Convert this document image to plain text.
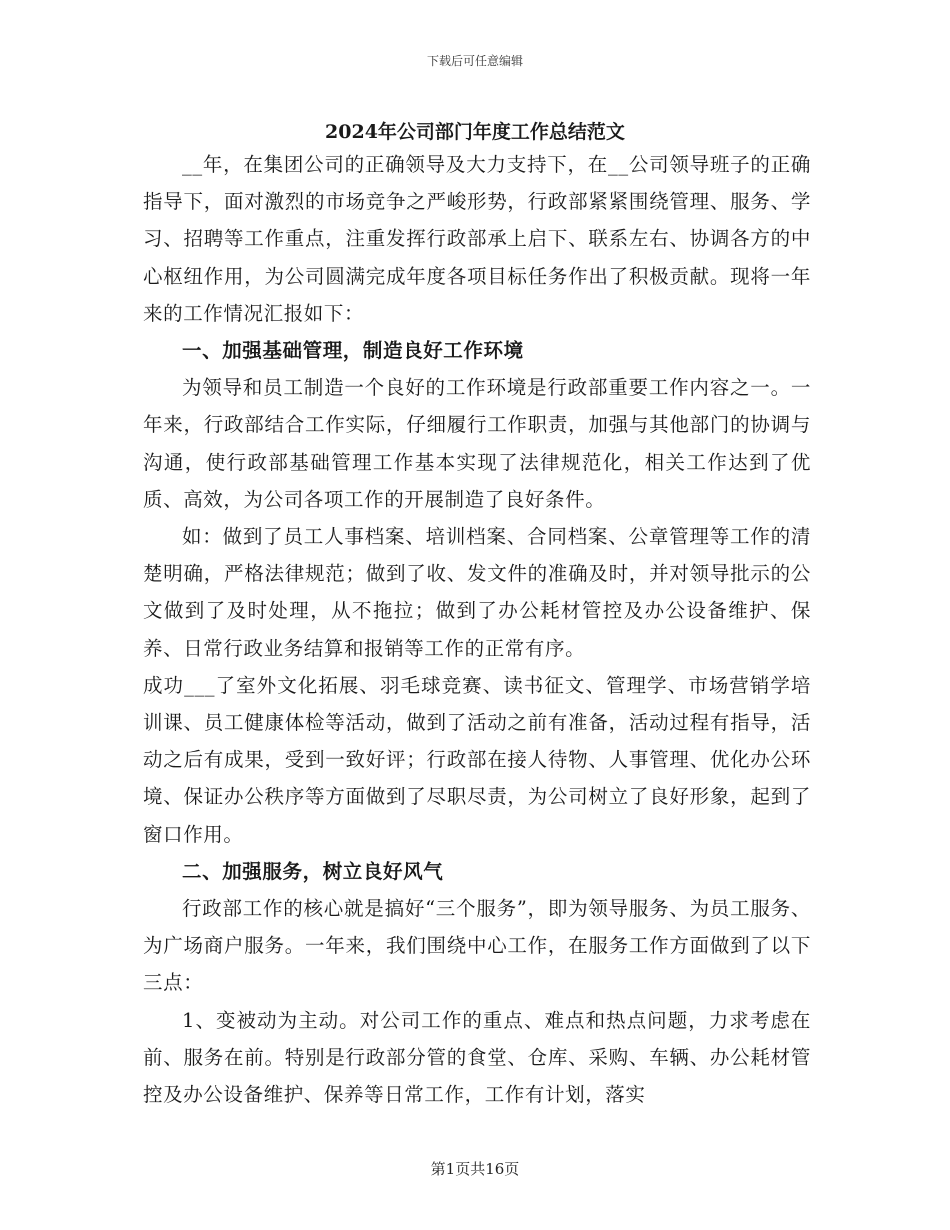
下载后可任意编辑
2024年公司部门年度工作总结范文

__年，在集团公司的正确领导及大力支持下，在__公司领导班子的正确指导下，面对激烈的市场竞争之严峻形势，行政部紧紧围绕管理、服务、学习、招聘等工作重点，注重发挥行政部承上启下、联系左右、协调各方的中心枢纽作用，为公司圆满完成年度各项目标任务作出了积极贡献。现将一年来的工作情况汇报如下：

一、加强基础管理，制造良好工作环境

为领导和员工制造一个良好的工作环境是行政部重要工作内容之一。一年来，行政部结合工作实际，仔细履行工作职责，加强与其他部门的协调与沟通，使行政部基础管理工作基本实现了法律规范化，相关工作达到了优质、高效，为公司各项工作的开展制造了良好条件。

如：做到了员工人事档案、培训档案、合同档案、公章管理等工作的清楚明确，严格法律规范；做到了收、发文件的准确及时，并对领导批示的公文做到了及时处理，从不拖拉；做到了办公耗材管控及办公设备维护、保养、日常行政业务结算和报销等工作的正常有序。

成功___了室外文化拓展、羽毛球竞赛、读书征文、管理学、市场营销学培训课、员工健康体检等活动，做到了活动之前有准备，活动过程有指导，活动之后有成果，受到一致好评；行政部在接人待物、人事管理、优化办公环境、保证办公秩序等方面做到了尽职尽责，为公司树立了良好形象，起到了窗口作用。

二、加强服务，树立良好风气

行政部工作的核心就是搞好“三个服务”，即为领导服务、为员工服务、为广场商户服务。一年来，我们围绕中心工作，在服务工作方面做到了以下三点：

1、变被动为主动。对公司工作的重点、难点和热点问题，力求考虑在前、服务在前。特别是行政部分管的食堂、仓库、采购、车辆、办公耗材管控及办公设备维护、保养等日常工作，工作有计划，落实

第1页共16页
